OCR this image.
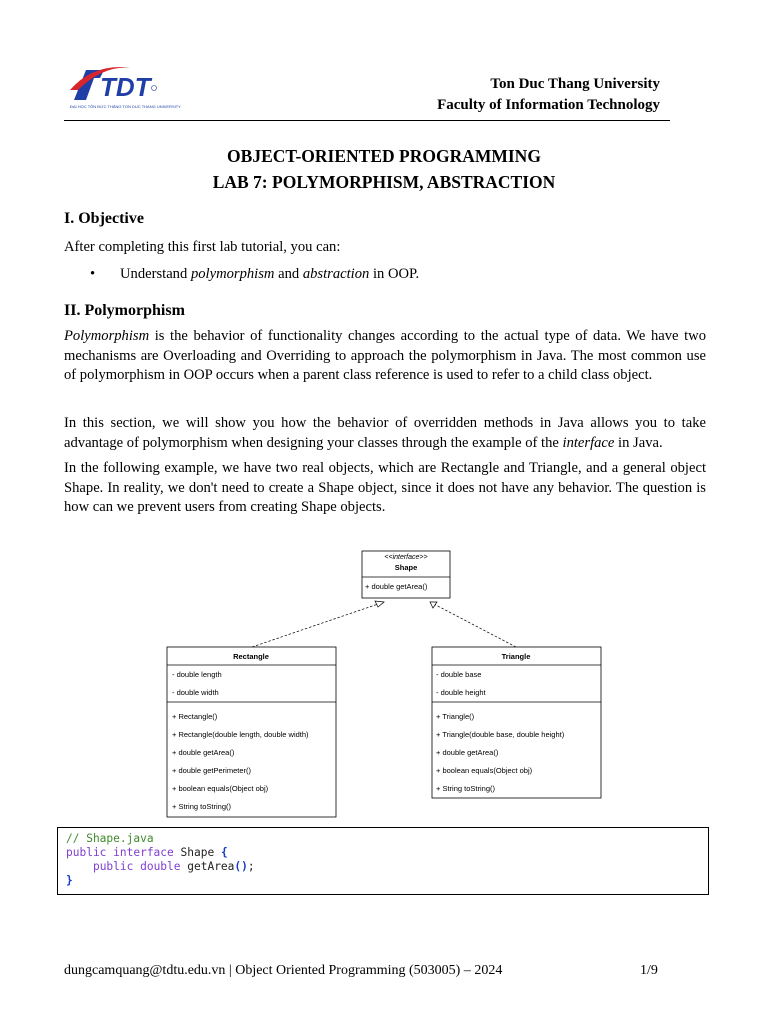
TDT
ĐẠI HỌC TÔN ĐỨC THẮNG TON DUC THANG UNIVERSITY
Ton Duc Thang University
Faculty of Information Technology
OBJECT-ORIENTED PROGRAMMING
LAB 7: POLYMORPHISM, ABSTRACTION
I. Objective
After completing this first lab tutorial, you can:
• Understand polymorphism and abstraction in OOP.
II. Polymorphism
Polymorphism is the behavior of functionality changes according to the actual type of data. We have two mechanisms are Overloading and Overriding to approach the polymorphism in Java. The most common use of polymorphism in OOP occurs when a parent class reference is used to refer to a child class object.
In this section, we will show you how the behavior of overridden methods in Java allows you to take advantage of polymorphism when designing your classes through the example of the interface in Java.
In the following example, we have two real objects, which are Rectangle and Triangle, and a general object Shape. In reality, we don't need to create a Shape object, since it does not have any behavior. The question is how can we prevent users from creating Shape objects.
<<interface>>
Shape
+ double getArea()
Rectangle
- double length
- double width
+ Rectangle()
+ Rectangle(double length, double width)
+ double getArea()
+ double getPerimeter()
+ boolean equals(Object obj)
+ String toString()
Triangle
- double base
- double height
+ Triangle()
+ Triangle(double base, double height)
+ double getArea()
+ boolean equals(Object obj)
+ String toString()
// Shape.java
public interface Shape {
public double getArea();
}
dungcamquang@tdtu.edu.vn | Object Oriented Programming (503005) – 2024	1/9
